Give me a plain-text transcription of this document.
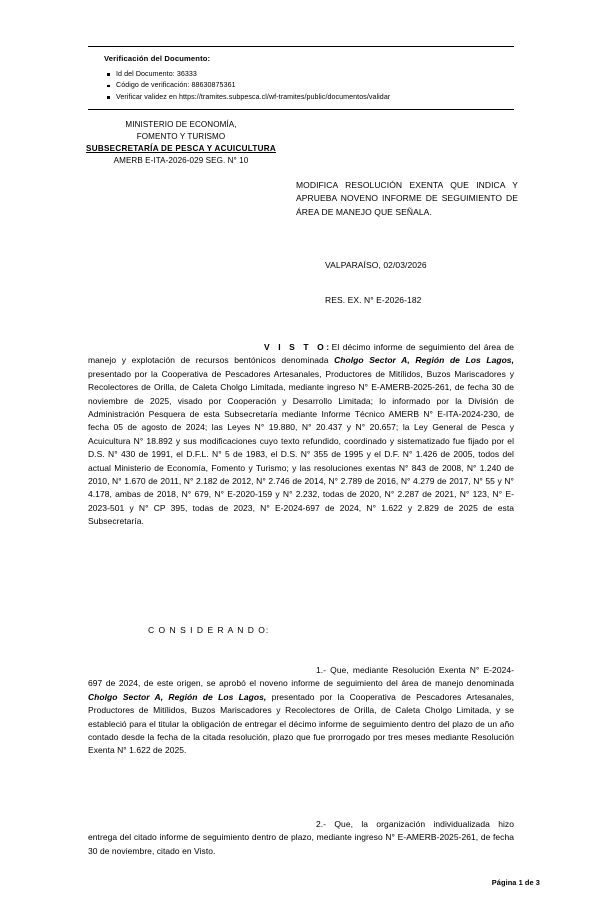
Verificación del Documento:
Id del Documento: 36333
Código de verificación: 88630875361
Verificar validez en https://tramites.subpesca.cl/wf-tramites/public/documentos/validar
MINISTERIO DE ECONOMÍA,
FOMENTO Y TURISMO
SUBSECRETARÍA DE PESCA Y ACUICULTURA
AMERB E-ITA-2026-029 SEG. N° 10
MODIFICA RESOLUCIÓN EXENTA QUE INDICA Y APRUEBA NOVENO INFORME DE SEGUIMIENTO DE ÁREA DE MANEJO QUE SEÑALA.
VALPARAÍSO, 02/03/2026
RES. EX. N° E-2026-182
V I S T O:El décimo informe de seguimiento del área de manejo y explotación de recursos bentónicos denominada Cholgo Sector A, Región de Los Lagos, presentado por la Cooperativa de Pescadores Artesanales, Productores de Mitílidos, Buzos Mariscadores y Recolectores de Orilla, de Caleta Cholgo Limitada, mediante ingreso N° E-AMERB-2025-261, de fecha 30 de noviembre de 2025, visado por Cooperación y Desarrollo Limitada; lo informado por la División de Administración Pesquera de esta Subsecretaría mediante Informe Técnico AMERB N° E-ITA-2024-230, de fecha 05 de agosto de 2024; las Leyes N° 19.880, N° 20.437 y N° 20.657; la Ley General de Pesca y Acuicultura N° 18.892 y sus modificaciones cuyo texto refundido, coordinado y sistematizado fue fijado por el D.S. N° 430 de 1991, el D.F.L. N° 5 de 1983, el D.S. N° 355 de 1995 y el D.F. N° 1.426 de 2005, todos del actual Ministerio de Economía, Fomento y Turismo; y las resoluciones exentas N° 843 de 2008, N° 1.240 de 2010, N° 1.670 de 2011, N° 2.182 de 2012, N° 2.746 de 2014, N° 2.789 de 2016, N° 4.279 de 2017, N° 55 y N° 4.178, ambas de 2018, N° 679, N° E-2020-159 y N° 2.232, todas de 2020, N° 2.287 de 2021, N° 123, N° E-2023-501 y N° CP 395, todas de 2023, N° E-2024-697 de 2024, N° 1.622 y 2.829 de 2025 de esta Subsecretaría.
C O N S I D E R A N D O:
1.- Que, mediante Resolución Exenta N° E-2024-697 de 2024, de este origen, se aprobó el noveno informe de seguimiento del área de manejo denominada Cholgo Sector A, Región de Los Lagos, presentado por la Cooperativa de Pescadores Artesanales, Productores de Mitílidos, Buzos Mariscadores y Recolectores de Orilla, de Caleta Cholgo Limitada, y se estableció para el titular la obligación de entregar el décimo informe de seguimiento dentro del plazo de un año contado desde la fecha de la citada resolución, plazo que fue prorrogado por tres meses mediante Resolución Exenta N° 1.622 de 2025.
2.- Que, la organización individualizada hizo entrega del citado informe de seguimiento dentro de plazo, mediante ingreso N° E-AMERB-2025-261, de fecha 30 de noviembre, citado en Visto.
Página 1 de 3
